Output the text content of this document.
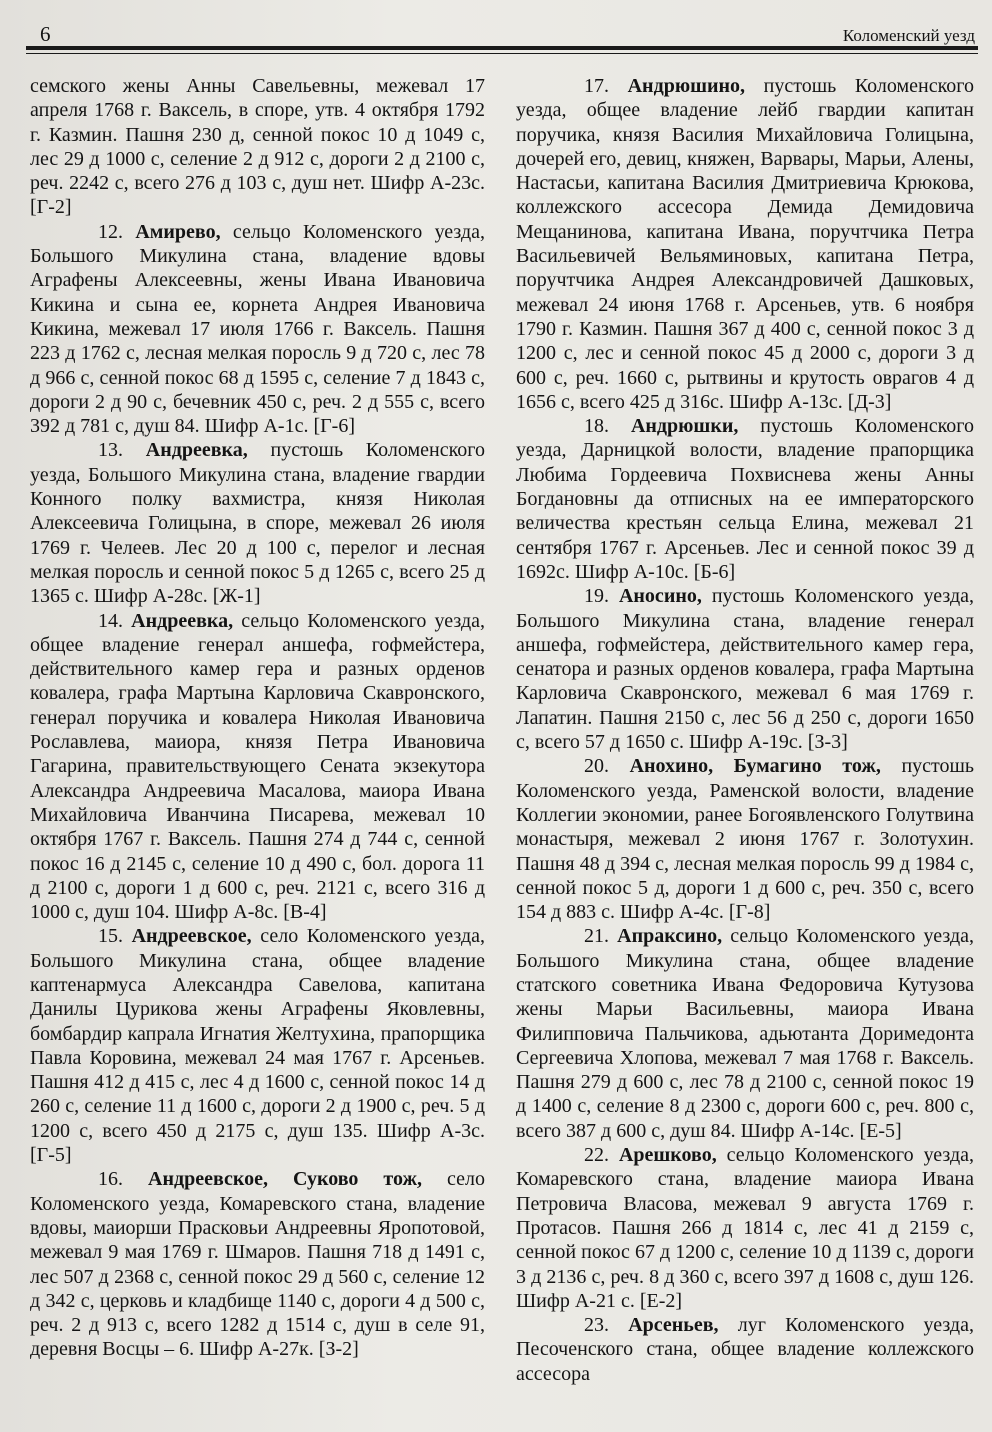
6	Коломенский уезд

семского жены Анны Савельевны, межевал 17 апреля 1768 г. Ваксель, в споре, утв. 4 октября 1792 г. Казмин. Пашня 230 д, сенной покос 10 д 1049 с, лес 29 д 1000 с, селение 2 д 912 с, дороги 2 д 2100 с, реч. 2242 с, всего 276 д 103 с, душ нет. Шифр А-23с. [Г-2]

12. Амирево, сельцо Коломенского уезда, Большого Микулина стана, владение вдовы Аграфены Алексеевны, жены Ивана Ивановича Кикина и сына ее, корнета Андрея Ивановича Кикина, межевал 17 июля 1766 г. Ваксель. Пашня 223 д 1762 с, лесная мелкая поросль 9 д 720 с, лес 78 д 966 с, сенной покос 68 д 1595 с, селение 7 д 1843 с, дороги 2 д 90 с, бечевник 450 с, реч. 2 д 555 с, всего 392 д 781 с, душ 84. Шифр А-1с. [Г-6]

13. Андреевка, пустошь Коломенского уезда, Большого Микулина стана, владение гвардии Конного полку вахмистра, князя Николая Алексеевича Голицына, в споре, межевал 26 июля 1769 г. Челеев. Лес 20 д 100 с, перелог и лесная мелкая поросль и сенной покос 5 д 1265 с, всего 25 д 1365 с. Шифр А-28с. [Ж-1]

14. Андреевка, сельцо Коломенского уезда, общее владение генерал аншефа, гофмейстера, действительного камер гера и разных орденов ковалера, графа Мартына Карловича Скавронского, генерал поручика и ковалера Николая Ивановича Рославлева, маиора, князя Петра Ивановича Гагарина, правительствующего Сената экзекутора Александра Андреевича Масалова, маиора Ивана Михайловича Иванчина Писарева, межевал 10 октября 1767 г. Ваксель. Пашня 274 д 744 с, сенной покос 16 д 2145 с, селение 10 д 490 с, бол. дорога 11 д 2100 с, дороги 1 д 600 с, реч. 2121 с, всего 316 д 1000 с, душ 104. Шифр А-8с. [В-4]

15. Андреевское, село Коломенского уезда, Большого Микулина стана, общее владение каптенармуса Александра Савелова, капитана Данилы Цурикова жены Аграфены Яковлевны, бомбардир капрала Игнатия Желтухина, прапорщика Павла Коровина, межевал 24 мая 1767 г. Арсеньев. Пашня 412 д 415 с, лес 4 д 1600 с, сенной покос 14 д 260 с, селение 11 д 1600 с, дороги 2 д 1900 с, реч. 5 д 1200 с, всего 450 д 2175 с, душ 135. Шифр А-3с. [Г-5]

16. Андреевское, Суково тож, село Коломенского уезда, Комаревского стана, владение вдовы, маиорши Прасковьи Андреевны Яропотовой, межевал 9 мая 1769 г. Шмаров. Пашня 718 д 1491 с, лес 507 д 2368 с, сенной покос 29 д 560 с, селение 12 д 342 с, церковь и кладбище 1140 с, дороги 4 д 500 с, реч. 2 д 913 с, всего 1282 д 1514 с, душ в селе 91, деревня Восцы – 6. Шифр А-27к. [З-2]

17. Андрюшино, пустошь Коломенского уезда, общее владение лейб гвардии капитан поручика, князя Василия Михайловича Голицына, дочерей его, девиц, княжен, Варвары, Марьи, Алены, Настасьи, капитана Василия Дмитриевича Крюкова, коллежского ассесора Демида Демидовича Мещанинова, капитана Ивана, поручтчика Петра Васильевичей Вельяминовых, капитана Петра, поручтчика Андрея Александровичей Дашковых, межевал 24 июня 1768 г. Арсеньев, утв. 6 ноября 1790 г. Казмин. Пашня 367 д 400 с, сенной покос 3 д 1200 с, лес и сенной покос 45 д 2000 с, дороги 3 д 600 с, реч. 1660 с, рытвины и крутость оврагов 4 д 1656 с, всего 425 д 316с. Шифр А-13с. [Д-3]

18. Андрюшки, пустошь Коломенского уезда, Дарницкой волости, владение прапорщика Любима Гордеевича Похвиснева жены Анны Богдановны да отписных на ее императорского величества крестьян сельца Елина, межевал 21 сентября 1767 г. Арсеньев. Лес и сенной покос 39 д 1692с. Шифр А-10с. [Б-6]

19. Аносино, пустошь Коломенского уезда, Большого Микулина стана, владение генерал аншефа, гофмейстера, действительного камер гера, сенатора и разных орденов ковалера, графа Мартына Карловича Скавронского, межевал 6 мая 1769 г. Лапатин. Пашня 2150 с, лес 56 д 250 с, дороги 1650 с, всего 57 д 1650 с. Шифр А-19с. [З-3]

20. Анохино, Бумагино тож, пустошь Коломенского уезда, Раменской волости, владение Коллегии экономии, ранее Богоявленского Голутвина монастыря, межевал 2 июня 1767 г. Золотухин. Пашня 48 д 394 с, лесная мелкая поросль 99 д 1984 с, сенной покос 5 д, дороги 1 д 600 с, реч. 350 с, всего 154 д 883 с. Шифр А-4с. [Г-8]

21. Апраксино, сельцо Коломенского уезда, Большого Микулина стана, общее владение статского советника Ивана Федоровича Кутузова жены Марьи Васильевны, маиора Ивана Филипповича Пальчикова, адьютанта Доримедонта Сергеевича Хлопова, межевал 7 мая 1768 г. Ваксель. Пашня 279 д 600 с, лес 78 д 2100 с, сенной покос 19 д 1400 с, селение 8 д 2300 с, дороги 600 с, реч. 800 с, всего 387 д 600 с, душ 84. Шифр А-14с. [Е-5]

22. Арешково, сельцо Коломенского уезда, Комаревского стана, владение маиора Ивана Петровича Власова, межевал 9 августа 1769 г. Протасов. Пашня 266 д 1814 с, лес 41 д 2159 с, сенной покос 67 д 1200 с, селение 10 д 1139 с, дороги 3 д 2136 с, реч. 8 д 360 с, всего 397 д 1608 с, душ 126. Шифр А-21 с. [Е-2]

23. Арсеньев, луг Коломенского уезда, Песоченского стана, общее владение коллежского ассесора
